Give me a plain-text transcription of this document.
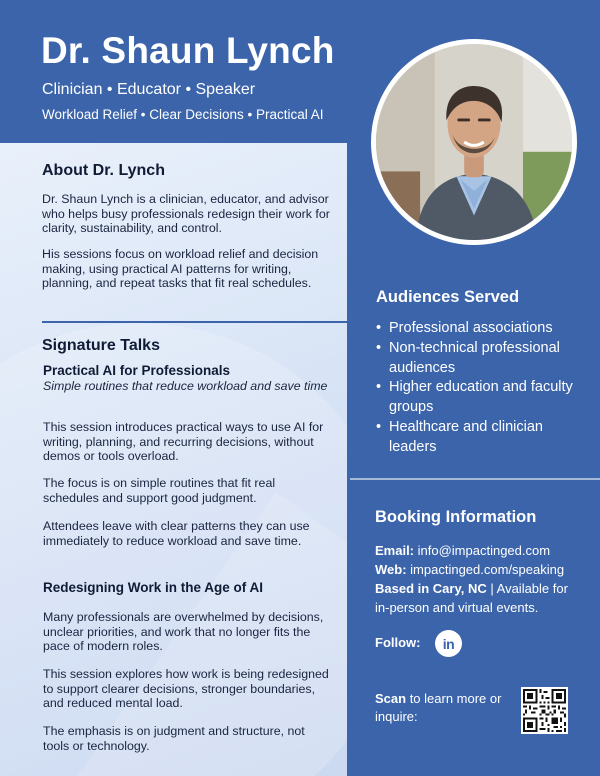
Dr. Shaun Lynch
Clinician • Educator • Speaker
Workload Relief • Clear Decisions • Practical AI
About Dr. Lynch
Dr. Shaun Lynch is a clinician, educator, and advisor who helps busy professionals redesign their work for clarity, sustainability, and control.
His sessions focus on workload relief and decision making, using practical AI patterns for writing, planning, and repeat tasks that fit real schedules.
Signature Talks
Practical AI for Professionals
Simple routines that reduce workload and save time
This session introduces practical ways to use AI for writing, planning, and recurring decisions, without demos or tools overload.
The focus is on simple routines that fit real schedules and support good judgment.
Attendees leave with clear patterns they can use immediately to reduce workload and save time.
Redesigning Work in the Age of AI
Many professionals are overwhelmed by decisions, unclear priorities, and work that no longer fits the pace of modern roles.
This session explores how work is being redesigned to support clearer decisions, stronger boundaries, and reduced mental load.
The emphasis is on judgment and structure, not tools or technology.
Audiences Served
• Professional associations
• Non-technical professional audiences
• Higher education and faculty groups
• Healthcare and clinician leaders
Booking Information
Email: info@impactinged.com
Web: impactinged.com/speaking
Based in Cary, NC | Available for in-person and virtual events.
Follow: in
Scan to learn more or inquire:
